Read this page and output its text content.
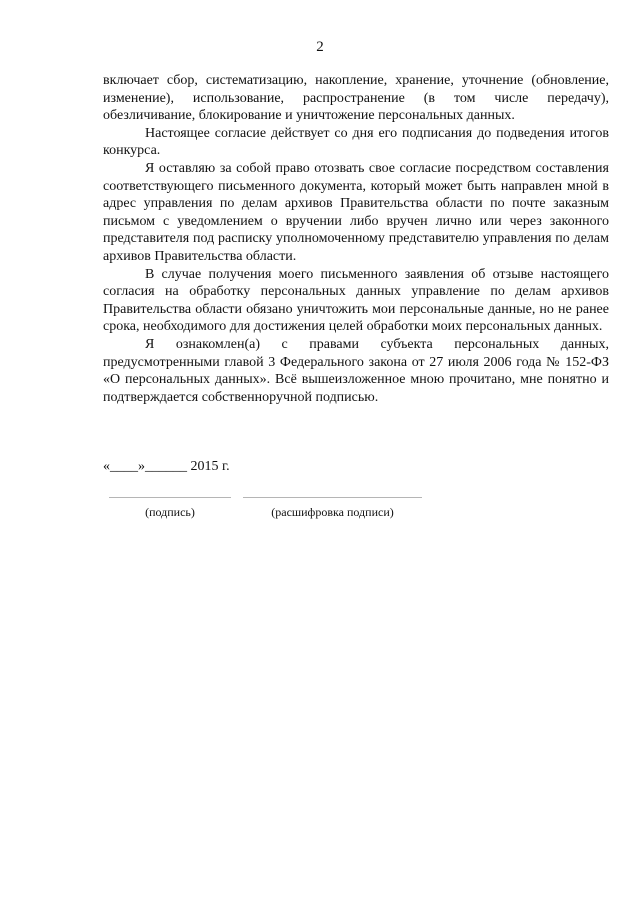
2

включает сбор, систематизацию, накопление, хранение, уточнение (обновление, изменение), использование, распространение (в том числе передачу), обезличивание, блокирование и уничтожение персональных данных.

Настоящее согласие действует со дня его подписания до подведения итогов конкурса.

Я оставляю за собой право отозвать свое согласие посредством составления соответствующего письменного документа, который может быть направлен мной в адрес управления по делам архивов Правительства области по почте заказным письмом с уведомлением о вручении либо вручен лично или через законного представителя под расписку уполномоченному представителю управления по делам архивов Правительства области.

В случае получения моего письменного заявления об отзыве настоящего согласия на обработку персональных данных управление по делам архивов Правительства области обязано уничтожить мои персональные данные, но не ранее срока, необходимого для достижения целей обработки моих персональных данных.

Я ознакомлен(а) с правами субъекта персональных данных, предусмотренными главой 3 Федерального закона от 27 июля 2006 года № 152-ФЗ «О персональных данных». Всё вышеизложенное мною прочитано, мне понятно и подтверждается собственноручной подписью.

«____»______ 2015 г.
(подпись)	(расшифровка подписи)
